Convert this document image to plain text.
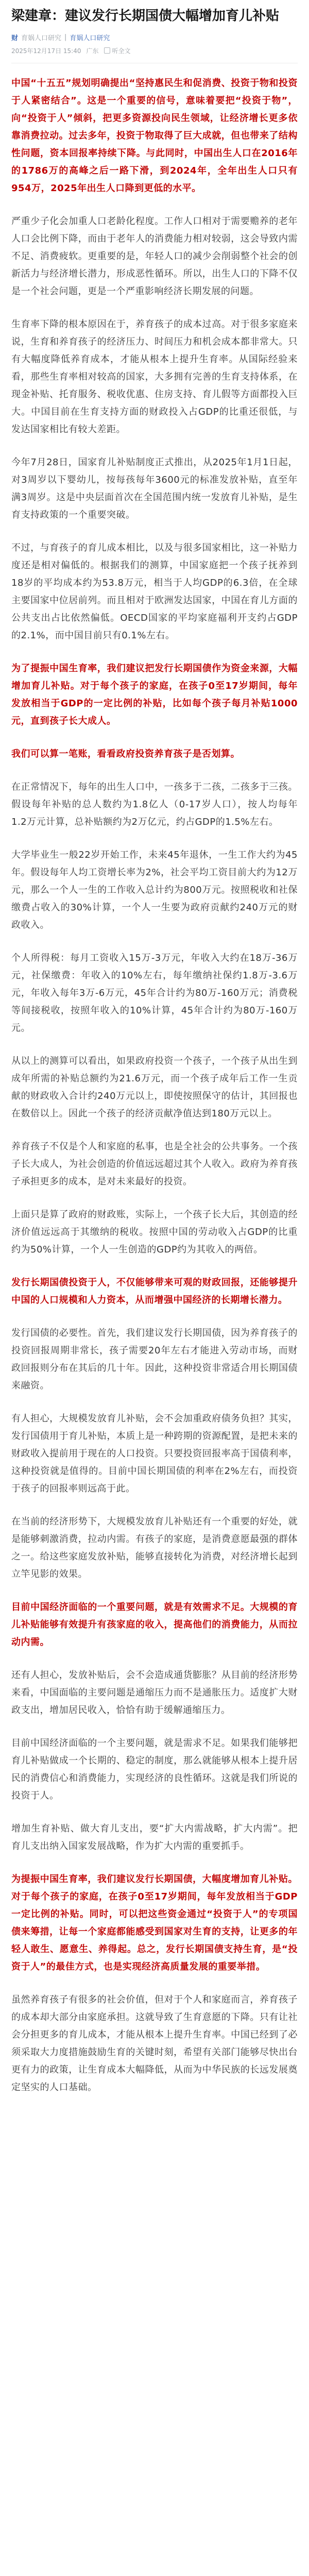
梁建章：建议发行长期国债大幅增加育儿补贴
财 育娲人口研究 | 育娲人口研究
2025年12月17日 15:40 广东	听全文

中国“十五五”规划明确提出“坚持惠民生和促消费、投资于物和投资于人紧密结合”。这是一个重要的信号，意味着要把“投资于物”，向“投资于人”倾斜，把更多资源投向民生领域，让经济增长更多依靠消费拉动。过去多年，投资于物取得了巨大成就，但也带来了结构性问题，资本回报率持续下降。与此同时，中国出生人口在2016年的1786万的高峰之后一路下滑，到2024年，全年出生人口只有954万，2025年出生人口降到更低的水平。

严重少子化会加重人口老龄化程度。工作人口相对于需要赡养的老年人口会比例下降，而由于老年人的消费能力相对较弱，这会导致内需不足、消费疲软。更重要的是，年轻人口的减少会削弱整个社会的创新活力与经济增长潜力，形成恶性循环。所以，出生人口的下降不仅是一个社会问题，更是一个严重影响经济长期发展的问题。

生育率下降的根本原因在于，养育孩子的成本过高。对于很多家庭来说，生育和养育孩子的经济压力、时间压力和机会成本都非常大。只有大幅度降低养育成本，才能从根本上提升生育率。从国际经验来看，那些生育率相对较高的国家，大多拥有完善的生育支持体系，在现金补贴、托育服务、税收优惠、住房支持、育儿假等方面都投入巨大。中国目前在生育支持方面的财政投入占GDP的比重还很低，与发达国家相比有较大差距。

今年7月28日，国家育儿补贴制度正式推出，从2025年1月1日起，对3周岁以下婴幼儿，按每孩每年3600元的标准发放补贴，直至年满3周岁。这是中央层面首次在全国范围内统一发放育儿补贴，是生育支持政策的一个重要突破。

不过，与育孩子的育儿成本相比，以及与很多国家相比，这一补贴力度还是相对偏低的。根据我们的测算，中国家庭把一个孩子抚养到18岁的平均成本约为53.8万元，相当于人均GDP的6.3倍，在全球主要国家中位居前列。而且相对于欧洲发达国家，中国在育儿方面的公共支出占比依然偏低。OECD国家的平均家庭福利开支约占GDP的2.1%，而中国目前只有0.1%左右。

为了提振中国生育率，我们建议把发行长期国债作为资金来源，大幅增加育儿补贴。对于每个孩子的家庭，在孩子0至17岁期间，每年发放相当于GDP的一定比例的补贴，比如每个孩子每月补贴1000元，直到孩子长大成人。

我们可以算一笔账，看看政府投资养育孩子是否划算。

在正常情况下，每年的出生人口中，一孩多于二孩，二孩多于三孩。假设每年补贴的总人数约为1.8亿人（0-17岁人口），按人均每年1.2万元计算，总补贴额约为2万亿元，约占GDP的1.5%左右。

大学毕业生一般22岁开始工作，未来45年退休，一生工作大约为45年。假设每年人均工资增长率为2%，社会平均工资目前大约为12万元，那么一个人一生的工作收入总计约为800万元。按照税收和社保缴费占收入的30%计算，一个人一生要为政府贡献约240万元的财政收入。

个人所得税：每月工资收入15万-3万元，年收入大约在18万-36万元，社保缴费：年收入的10%左右，每年缴纳社保约1.8万-3.6万元，年收入每年3万-6万元，45年合计约为80万-160万元；消费税等间接税收，按照年收入的10%计算，45年合计约为80万-160万元。

从以上的测算可以看出，如果政府投资一个孩子，一个孩子从出生到成年所需的补贴总额约为21.6万元，而一个孩子成年后工作一生贡献的财政收入合计约240万元以上，即使按照保守的估计，其回报也在数倍以上。因此一个孩子的经济贡献净值达到180万元以上。

养育孩子不仅是个人和家庭的私事，也是全社会的公共事务。一个孩子长大成人，为社会创造的价值远远超过其个人收入。政府为养育孩子承担更多的成本，是对未来最好的投资。

上面只是算了政府的财政账，实际上，一个孩子长大后，其创造的经济价值远远高于其缴纳的税收。按照中国的劳动收入占GDP的比重约为50%计算，一个人一生创造的GDP约为其收入的两倍。

发行长期国债投资于人，不仅能够带来可观的财政回报，还能够提升中国的人口规模和人力资本，从而增强中国经济的长期增长潜力。

发行国债的必要性。首先，我们建议发行长期国债，因为养育孩子的投资回报周期非常长，孩子需要20年左右才能进入劳动市场，而财政回报则分布在其后的几十年。因此，这种投资非常适合用长期国债来融资。

有人担心，大规模发放育儿补贴，会不会加重政府债务负担？其实，发行国债用于育儿补贴，本质上是一种跨期的资源配置，是把未来的财政收入提前用于现在的人口投资。只要投资回报率高于国债利率，这种投资就是值得的。目前中国长期国债的利率在2%左右，而投资于孩子的回报率则远高于此。

在当前的经济形势下，大规模发放育儿补贴还有一个重要的好处，就是能够刺激消费，拉动内需。有孩子的家庭，是消费意愿最强的群体之一。给这些家庭发放补贴，能够直接转化为消费，对经济增长起到立竿见影的效果。

目前中国经济面临的一个重要问题，就是有效需求不足。大规模的育儿补贴能够有效提升有孩家庭的收入，提高他们的消费能力，从而拉动内需。

还有人担心，发放补贴后，会不会造成通货膨胀？从目前的经济形势来看，中国面临的主要问题是通缩压力而不是通胀压力。适度扩大财政支出，增加居民收入，恰恰有助于缓解通缩压力。

目前中国经济面临的一个主要问题，就是需求不足。如果我们能够把育儿补贴做成一个长期的、稳定的制度，那么就能够从根本上提升居民的消费信心和消费能力，实现经济的良性循环。这就是我们所说的投资于人。

增加生育补贴、做大育儿支出，要“扩大内需战略，扩大内需”。把育儿支出纳入国家发展战略，作为扩大内需的重要抓手。

为提振中国生育率，我们建议发行长期国债，大幅度增加育儿补贴。对于每个孩子的家庭，在孩子0至17岁期间，每年发放相当于GDP一定比例的补贴。同时，可以把这些资金通过“投资于人”的专项国债来筹措，让每一个家庭都能感受到国家对生育的支持，让更多的年轻人敢生、愿意生、养得起。总之，发行长期国债支持生育，是“投资于人”的最佳方式，也是实现经济高质量发展的重要举措。

虽然养育孩子有很多的社会价值，但对于个人和家庭而言，养育孩子的成本却大部分由家庭承担。这就导致了生育意愿的下降。只有让社会分担更多的育儿成本，才能从根本上提升生育率。中国已经到了必须采取大力度措施鼓励生育的关键时刻，希望有关部门能够尽快出台更有力的政策，让生育成本大幅降低，从而为中华民族的长远发展奠定坚实的人口基础。
